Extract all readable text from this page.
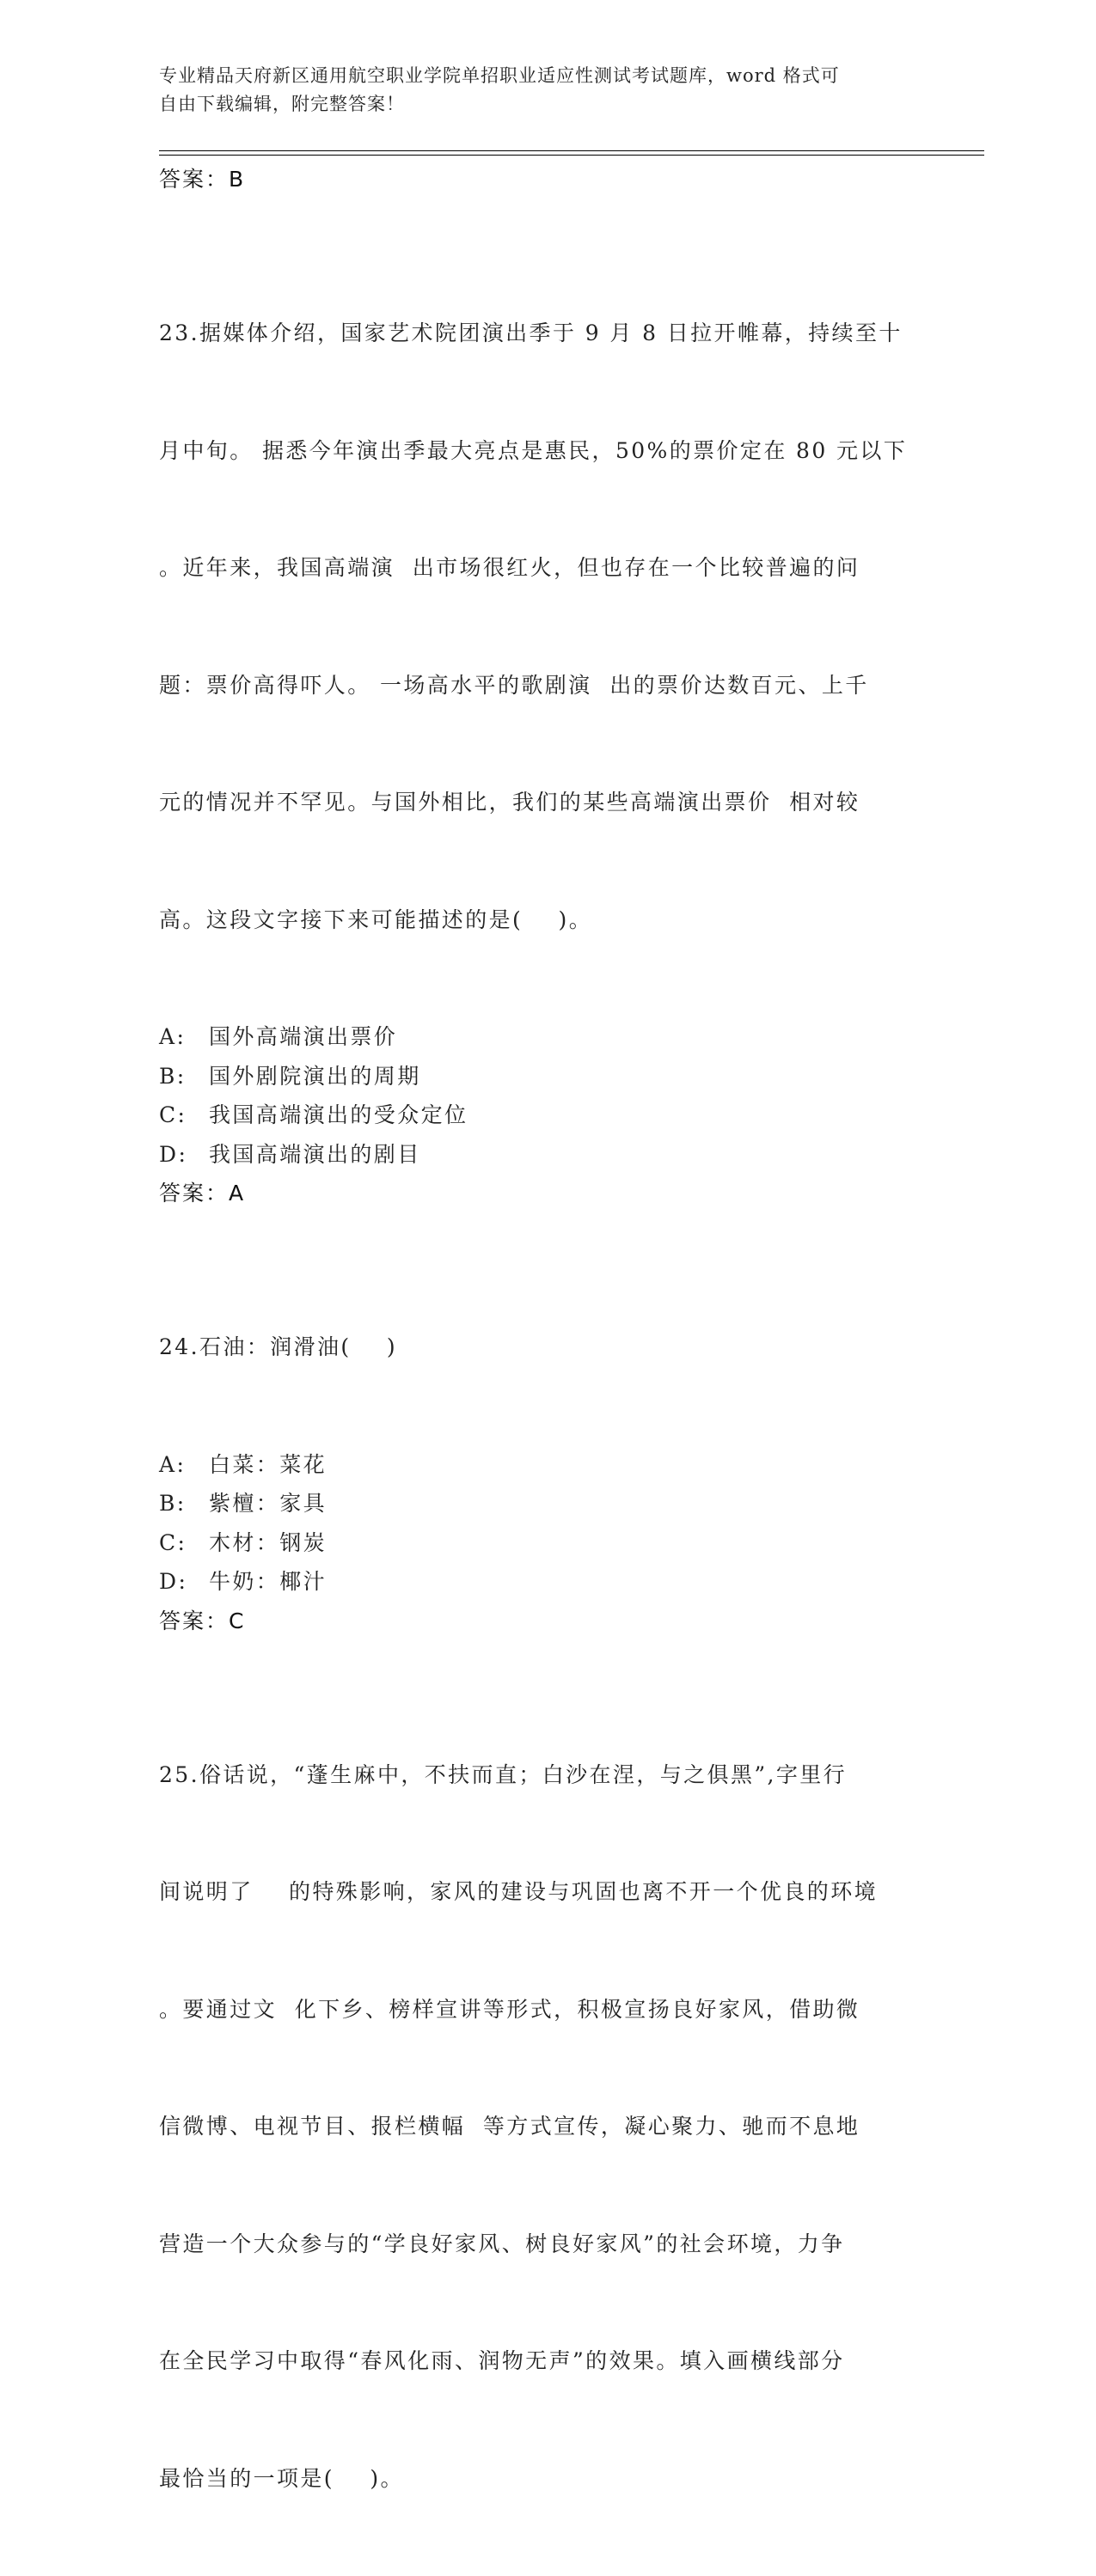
专业精品天府新区通用航空职业学院单招职业适应性测试考试题库，word 格式可
自由下载编辑，附完整答案！
答案：B

23.据媒体介绍，国家艺术院团演出季于 9 月 8 日拉开帷幕，持续至十

月中旬。 据悉今年演出季最大亮点是惠民，50%的票价定在 80 元以下

。近年来，我国高端演  出市场很红火，但也存在一个比较普遍的问

题：票价高得吓人。 一场高水平的歌剧演  出的票价达数百元、上千

元的情况并不罕见。与国外相比，我们的某些高端演出票价  相对较

高。这段文字接下来可能描述的是(    )。

A:	国外高端演出票价
B:	国外剧院演出的周期
C:	我国高端演出的受众定位
D: 我国高端演出的剧目
答案：A

24.石油：润滑油(    )

A:	白菜：菜花
B:	紫檀：家具
C:	木材：钢炭
D: 牛奶：椰汁
答案：C

25.俗话说，“蓬生麻中，不扶而直；白沙在涅，与之俱黑”,字里行

间说明了    的特殊影响，家风的建设与巩固也离不开一个优良的环境

。要通过文  化下乡、榜样宣讲等形式，积极宣扬良好家风，借助微

信微博、电视节目、报栏横幅  等方式宣传，凝心聚力、驰而不息地

营造一个大众参与的“学良好家风、树良好家风”的社会环境，力争

在全民学习中取得“春风化雨、润物无声”的效果。填入画横线部分

最恰当的一项是(    )。
